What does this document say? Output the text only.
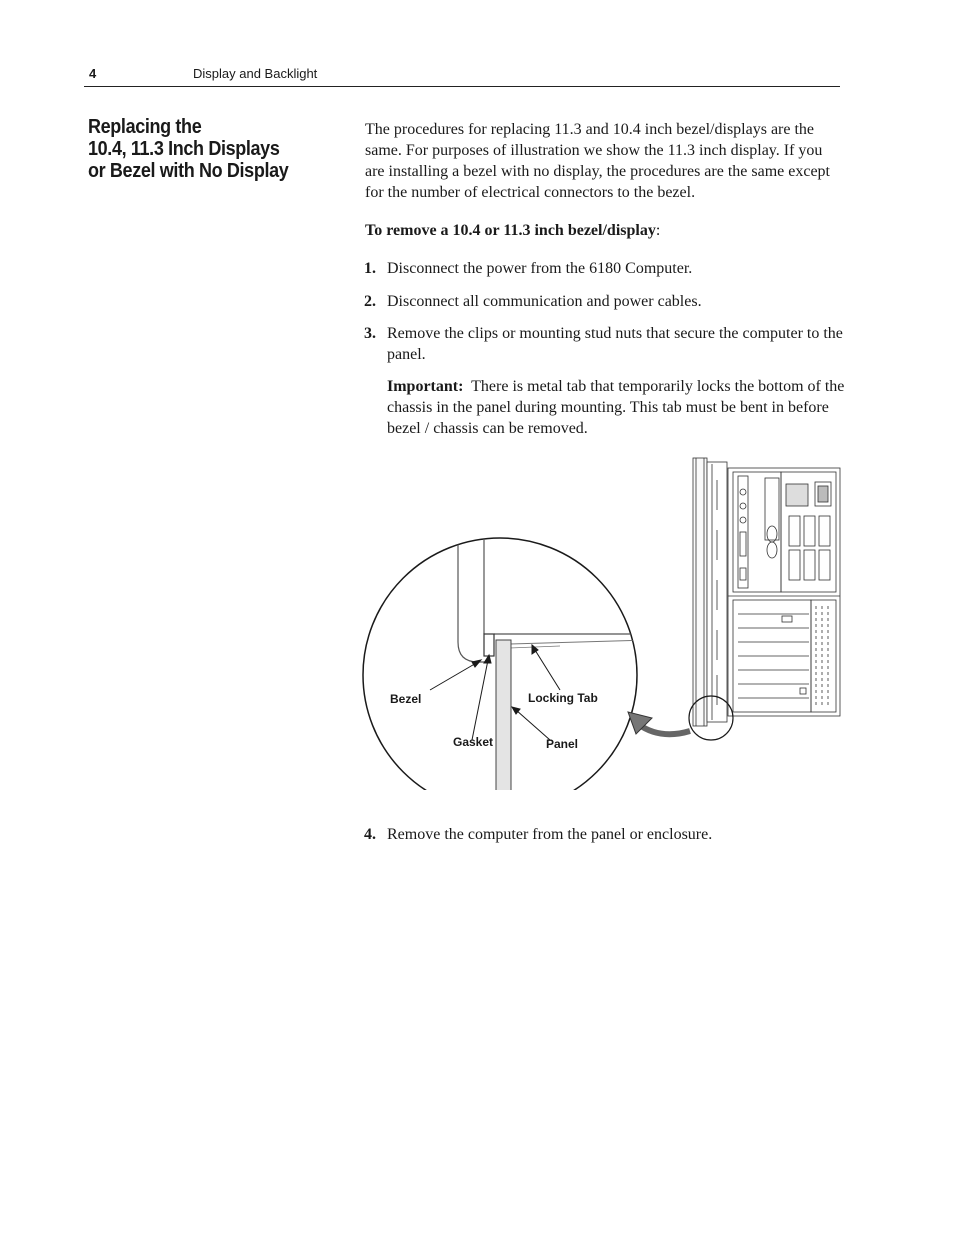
4	Display and Backlight
Replacing the
10.4, 11.3 Inch Displays
or Bezel with No Display

The procedures for replacing 11.3 and 10.4 inch bezel/displays are the same. For purposes of illustration we show the 11.3 inch display. If you are installing a bezel with no display, the procedures are the same except for the number of electrical connectors to the bezel.

To remove a 10.4 or 11.3 inch bezel/display:

1. Disconnect the power from the 6180 Computer.
2. Disconnect all communication and power cables.
3. Remove the clips or mounting stud nuts that secure the computer to the panel.

Important: There is metal tab that temporarily locks the bottom of the chassis in the panel during mounting. This tab must be bent in before bezel / chassis can be removed.

Bezel
Gasket
Locking Tab
Panel
4. Remove the computer from the panel or enclosure.
